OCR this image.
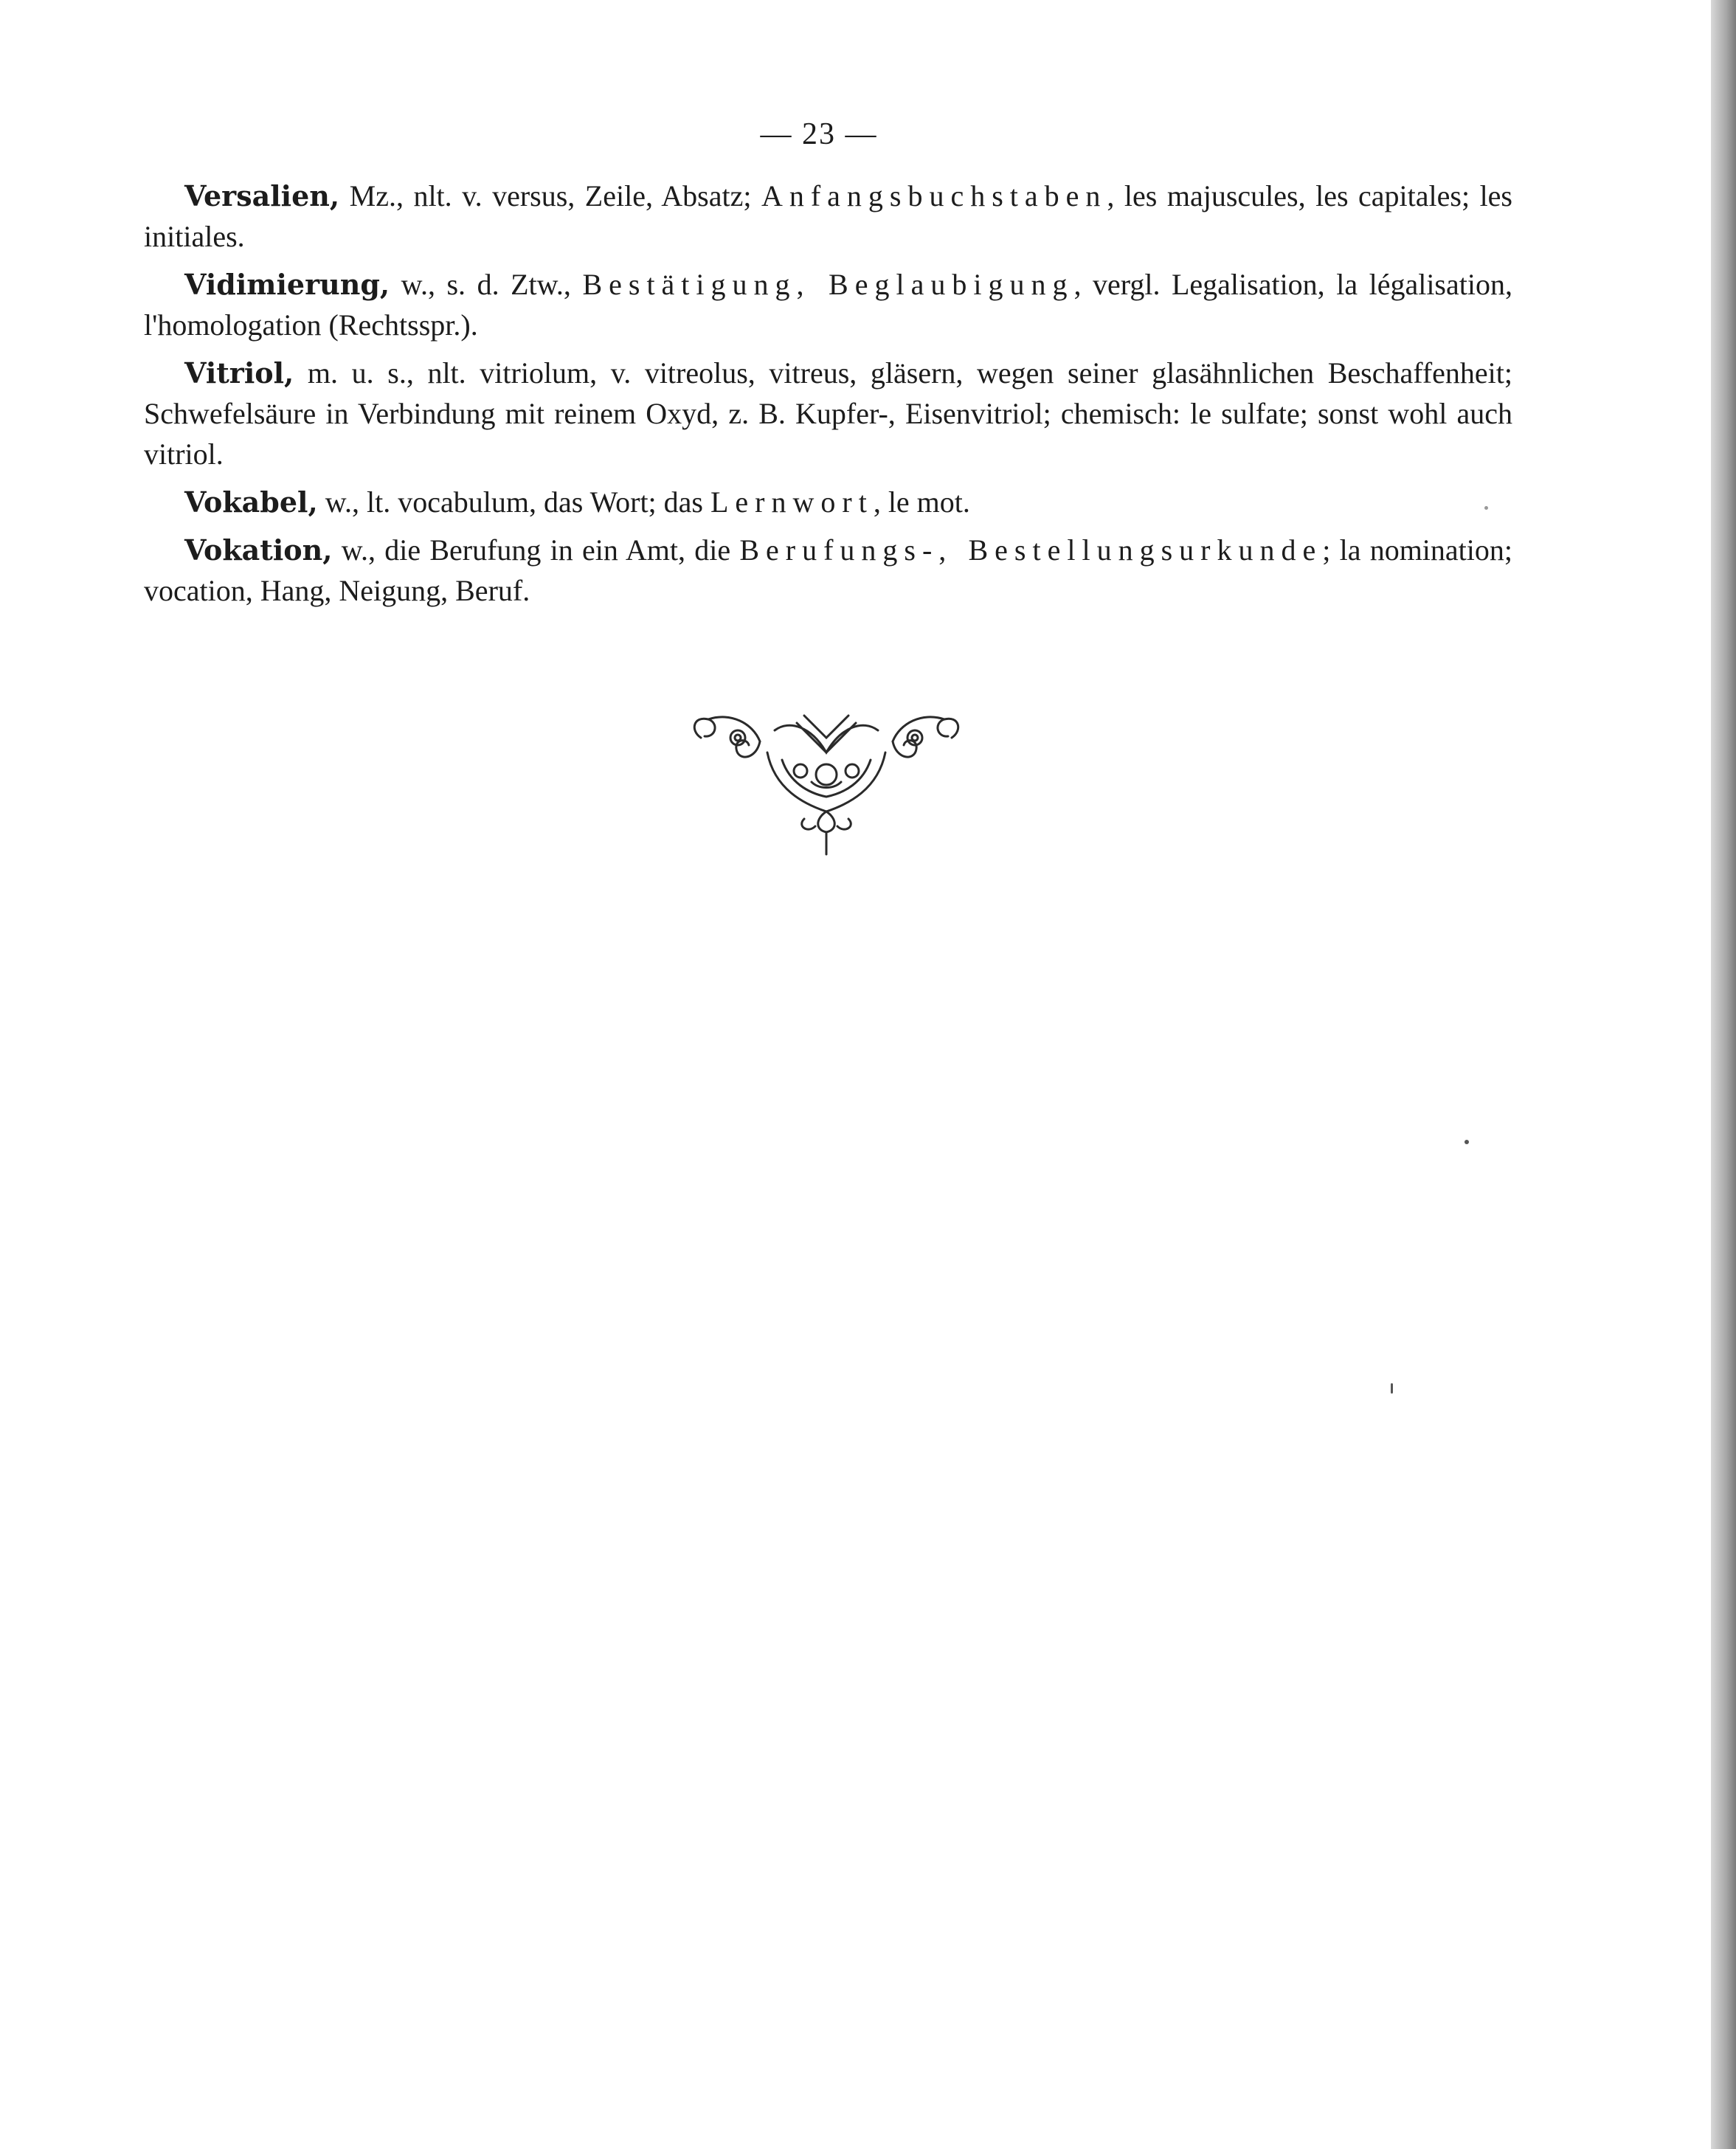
— 23 —

Versalien, Mz., nlt. v. versus, Zeile, Absatz; Anfangsbuchstaben, les majuscules, les capitales; les initiales.

Vidimierung, w., s. d. Ztw., Bestätigung, Beglaubigung, vergl. Legalisation, la légalisation, l'homologation (Rechtsspr.).

Vitriol, m. u. s., nlt. vitriolum, v. vitreolus, vitreus, gläsern, wegen seiner glasähnlichen Beschaffenheit; Schwefelsäure in Verbindung mit reinem Oxyd, z. B. Kupfer-, Eisenvitriol; chemisch: le sulfate; sonst wohl auch vitriol.

Vokabel, w., lt. vocabulum, das Wort; das Lernwort, le mot.

Vokation, w., die Berufung in ein Amt, die Berufungs-, Bestellungsurkunde; la nomination; vocation, Hang, Neigung, Beruf.
